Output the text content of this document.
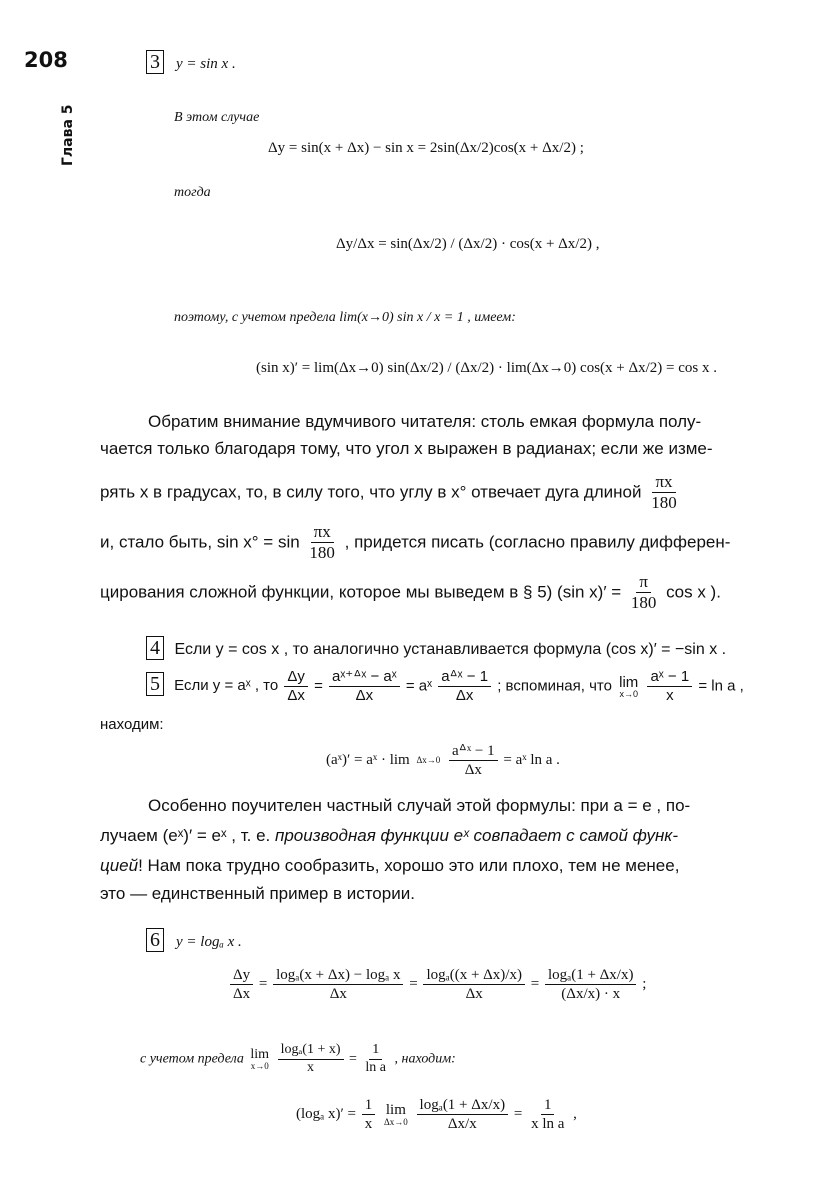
208
Глава 5
3 y = sin x .
В этом случае
Δy = sin(x + Δx) − sin x = 2sin(Δx/2)cos(x + Δx/2) ;
тогда
Δy/Δx = sin(Δx/2) / (Δx/2) · cos(x + Δx/2) ,
поэтому, с учетом предела lim(x→0) sin x / x = 1 , имеем:
(sin x)′ = lim(Δx→0) sin(Δx/2) / (Δx/2) · lim(Δx→0) cos(x + Δx/2) = cos x .
Обратим внимание вдумчивого читателя: столь емкая формула полу-
чается только благодаря тому, что угол x выражен в радианах; если же изме-
рять x в градусах, то, в силу того, что углу в x° отвечает дуга длиной $\frac{\pi x}{180}$
и, стало быть, $\sin x^\circ = \sin \frac{\pi x}{180}$ , придется писать (согласно правилу дифферен-
цирования сложной функции, которое мы выведем в § 5) (sin $x)' = \frac{\pi}{180}$ cos x ).
4 Если y = cos x , то аналогично устанавливается формула (cos x)′ = −sin x .
5 Если y = aˣ , то $\frac{\Delta y}{\Delta x} = \frac{\text{aˣ⁺ᐞˣ − aˣ}}{\Delta x}$ = aˣ $\frac{\text{aᐞˣ − 1}}{\Delta x}$ ; вспоминая, что lim
x→0
$\frac{\text{aˣ − 1}}{x} = \ln a$ ,
находим:
(aˣ)′ = aˣ · lim Δx→0
$\frac{\text{aᐞˣ − 1}}{\Delta x}$ = aˣ ln a .
Особенно поучителен частный случай этой формулы: при a = e , по-
лучаем (eˣ)′ = eˣ , т. е. производная функции eˣ совпадает с самой функ-
цией! Нам пока трудно сообразить, хорошо это или плохо, тем не менее,
это — единственный пример в истории.
6 y = logₐ x .
$\frac{\Delta y}{\Delta x} = \frac{\text{logₐ(x + Δx) − logₐ x}}{\Delta x} = \frac{\text{logₐ((x + Δx)/x)}}{\Delta x} = \frac{\text{logₐ(1 + Δx/x)}}{(\Delta x/x) \cdot x}$ ;
с учетом предела lim
x→0
$\frac{\text{logₐ(1 + x)}}{x} = \frac{1}{\text{ln a}}$ , находим:
(logₐ $x)' = \frac{1}{x}$
lim
Δx→0
$\frac{\text{logₐ(1 + Δx/x)}}{\Delta x/x} = \frac{1}{\text{x ln a}}$ ,
